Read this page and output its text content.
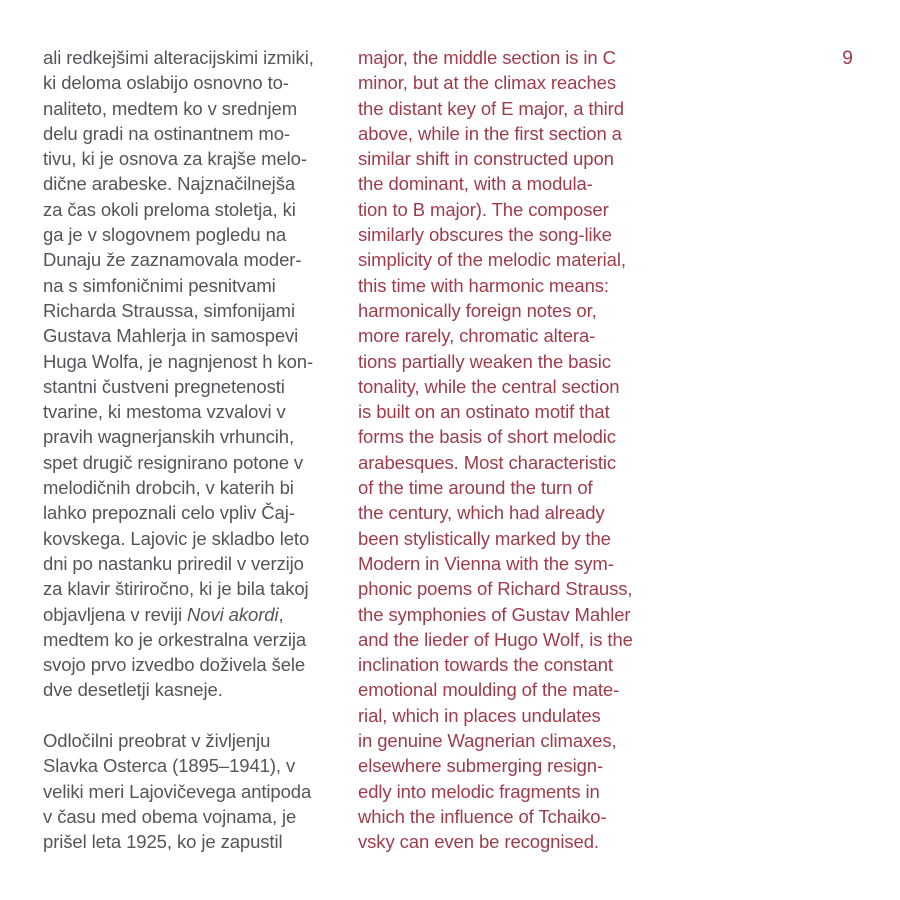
9
ali redkejšimi alteracijskimi izmiki,
ki deloma oslabijo osnovno to-
naliteto, medtem ko v srednjem
delu gradi na ostinantnem mo-
tivu, ki je osnova za krajše melo-
dične arabeske. Najznačilnejša
za čas okoli preloma stoletja, ki
ga je v slogovnem pogledu na
Dunaju že zaznamovala moder-
na s simfoničnimi pesnitvami
Richarda Straussa, simfonijami
Gustava Mahlerja in samospevi
Huga Wolfa, je nagnjenost h kon-
stantni čustveni pregnetenosti
tvarine, ki mestoma vzvalovi v
pravih wagnerjanskih vrhuncih,
spet drugič resignirano potone v
melodičnih drobcih, v katerih bi
lahko prepoznali celo vpliv Čaj-
kovskega. Lajovic je skladbo leto
dni po nastanku priredil v verzijo
za klavir štiriročno, ki je bila takoj
objavljena v reviji Novi akordi,
medtem ko je orkestralna verzija
svojo prvo izvedbo doživela šele
dve desetletji kasneje.
Odločilni preobrat v življenju
Slavka Osterca (1895–1941), v
veliki meri Lajovičevega antipoda
v času med obema vojnama, je
prišel leta 1925, ko je zapustil
major, the middle section is in C
minor, but at the climax reaches
the distant key of E major, a third
above, while in the first section a
similar shift in constructed upon
the dominant, with a modula-
tion to B major). The composer
similarly obscures the song-like
simplicity of the melodic material,
this time with harmonic means:
harmonically foreign notes or,
more rarely, chromatic altera-
tions partially weaken the basic
tonality, while the central section
is built on an ostinato motif that
forms the basis of short melodic
arabesques. Most characteristic
of the time around the turn of
the century, which had already
been stylistically marked by the
Modern in Vienna with the sym-
phonic poems of Richard Strauss,
the symphonies of Gustav Mahler
and the lieder of Hugo Wolf, is the
inclination towards the constant
emotional moulding of the mate-
rial, which in places undulates
in genuine Wagnerian climaxes,
elsewhere submerging resign-
edly into melodic fragments in
which the influence of Tchaiko-
vsky can even be recognised.
